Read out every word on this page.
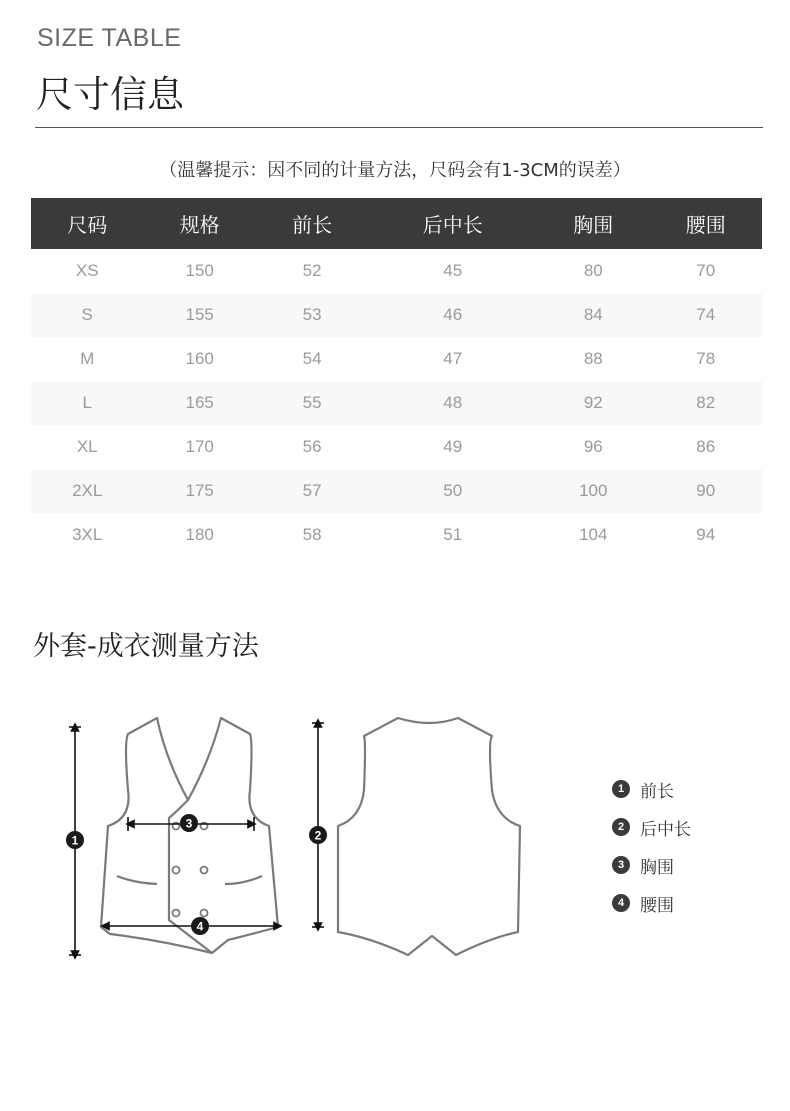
SIZE TABLE
尺寸信息
（温馨提示：因不同的计量方法，尺码会有1-3CM的误差）
尺码	规格	前长	后中长	胸围	腰围
XS	150	52	45	80	70
S	155	53	46	84	74
M	160	54	47	88	78
L	165	55	48	92	82
XL	170	56	49	96	86
2XL	175	57	50	100	90
3XL	180	58	51	104	94
外套-成衣测量方法
1	2
3
4
1 前长
2 后中长
3 胸围
4 腰围
